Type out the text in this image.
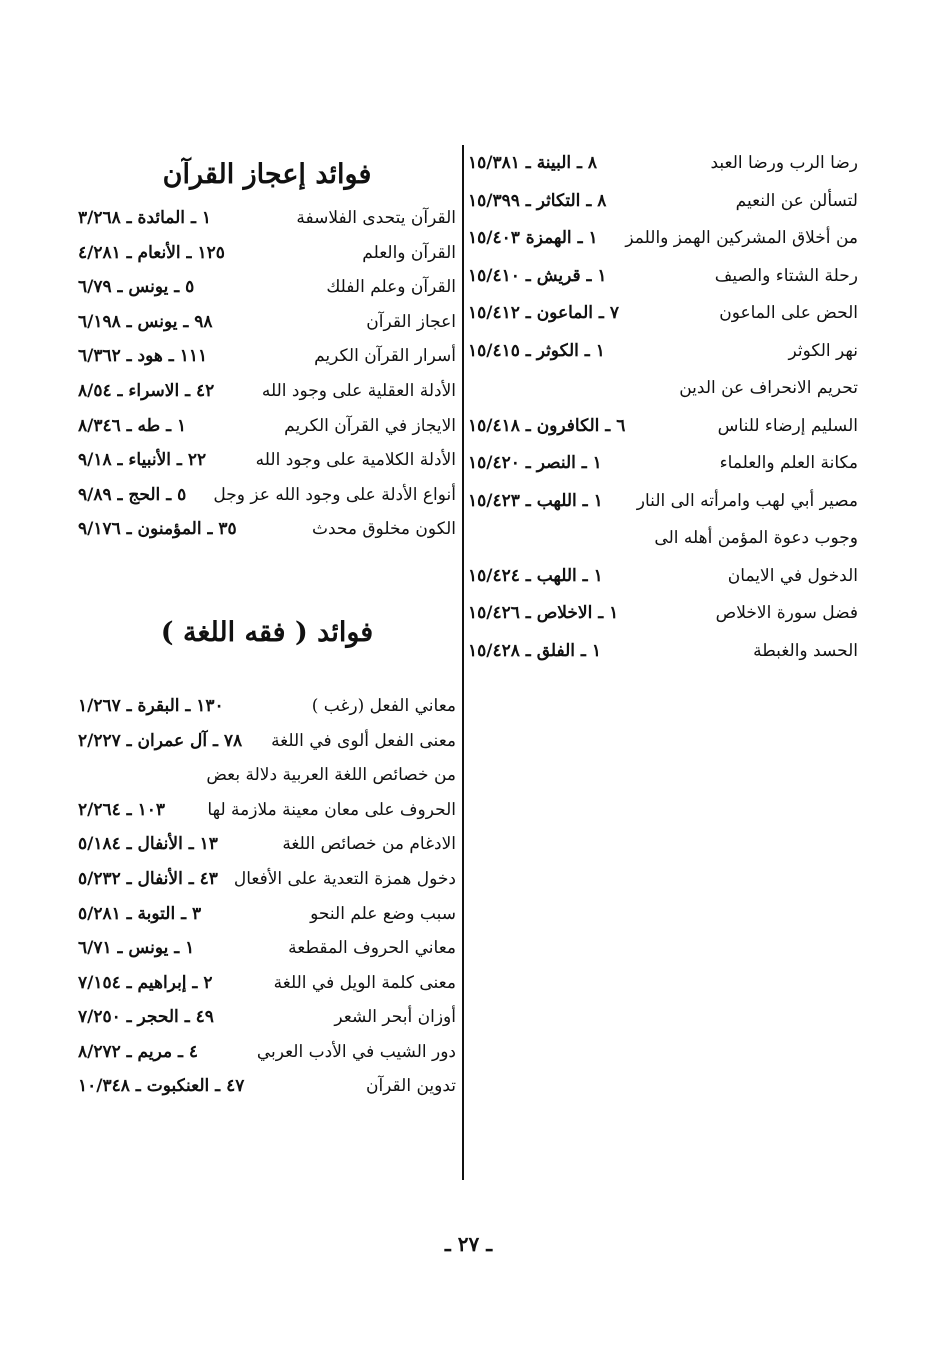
رضا الرب ورضا العبد
٨ ـ البينة ـ ١٥/٣٨١
لتسألن عن النعيم
٨ ـ التكاثر ـ ١٥/٣٩٩
من أخلاق المشركين الهمز واللمز
١ ـ الهمزة ١٥/٤٠٣
رحلة الشتاء والصيف
١ ـ قريش ـ ١٥/٤١٠
الحض على الماعون
٧ ـ الماعون ـ ١٥/٤١٢
نهر الكوثر
١ ـ الكوثر ـ ١٥/٤١٥
تحريم الانحراف عن الدين
السليم إرضاء للناس
٦ ـ الكافرون ـ ١٥/٤١٨
مكانة العلم والعلماء
١ ـ النصر ـ ١٥/٤٢٠
مصير أبي لهب وامرأته الى النار
١ ـ اللهب ـ ١٥/٤٢٣
وجوب دعوة المؤمن أهله الى
الدخول في الايمان
١ ـ اللهب ـ ١٥/٤٢٤
فضل سورة الاخلاص
١ ـ الاخلاص ـ ١٥/٤٢٦
الحسد والغبطة
١ ـ الفلق ـ ١٥/٤٢٨
فوائد إعجاز القرآن
القرآن يتحدى الفلاسفة
١ ـ المائدة ـ ٣/٢٦٨
القرآن والعلم
١٢٥ ـ الأنعام ـ ٤/٢٨١
القرآن وعلم الفلك
٥ ـ يونس ـ ٦/٧٩
اعجاز القرآن
٩٨ ـ يونس ـ ٦/١٩٨
أسرار القرآن الكريم
١١١ ـ هود ـ ٦/٣٦٢
الأدلة العقلية على وجود الله
٤٢ ـ الاسراء ـ ٨/٥٤
الايجاز في القرآن الكريم
١ ـ طه ـ ٨/٣٤٦
الأدلة الكلامية على وجود الله
٢٢ ـ الأنبياء ـ ٩/١٨
أنواع الأدلة على وجود الله عز وجل
٥ ـ الحج ـ ٩/٨٩
الكون مخلوق محدث
٣٥ ـ المؤمنون ـ ٩/١٧٦
فوائد ( فقه اللغة )
معاني الفعل (رغب )
١٣٠ ـ البقرة ـ ١/٢٦٧
معنى الفعل ألوى في اللغة
٧٨ ـ آل عمران ـ ٢/٢٢٧
من خصائص اللغة العربية دلالة بعض
الحروف على معان معينة ملازمة لها
١٠٣ ـ ٢/٢٦٤
الادغام من خصائص اللغة
١٣ ـ الأنفال ـ ٥/١٨٤
دخول همزة التعدية على الأفعال
٤٣ ـ الأنفال ـ ٥/٢٣٢
سبب وضع علم النحو
٣ ـ التوبة ـ ٥/٢٨١
معاني الحروف المقطعة
١ ـ يونس ـ ٦/٧١
معنى كلمة الويل في اللغة
٢ ـ إبراهيم ـ ٧/١٥٤
أوزان أبحر الشعر
٤٩ ـ الحجر ـ ٧/٢٥٠
دور الشيب في الأدب العربي
٤ ـ مريم ـ ٨/٢٧٢
تدوين القرآن
٤٧ ـ العنكبوت ـ ١٠/٣٤٨
ـ ٢٧ ـ
